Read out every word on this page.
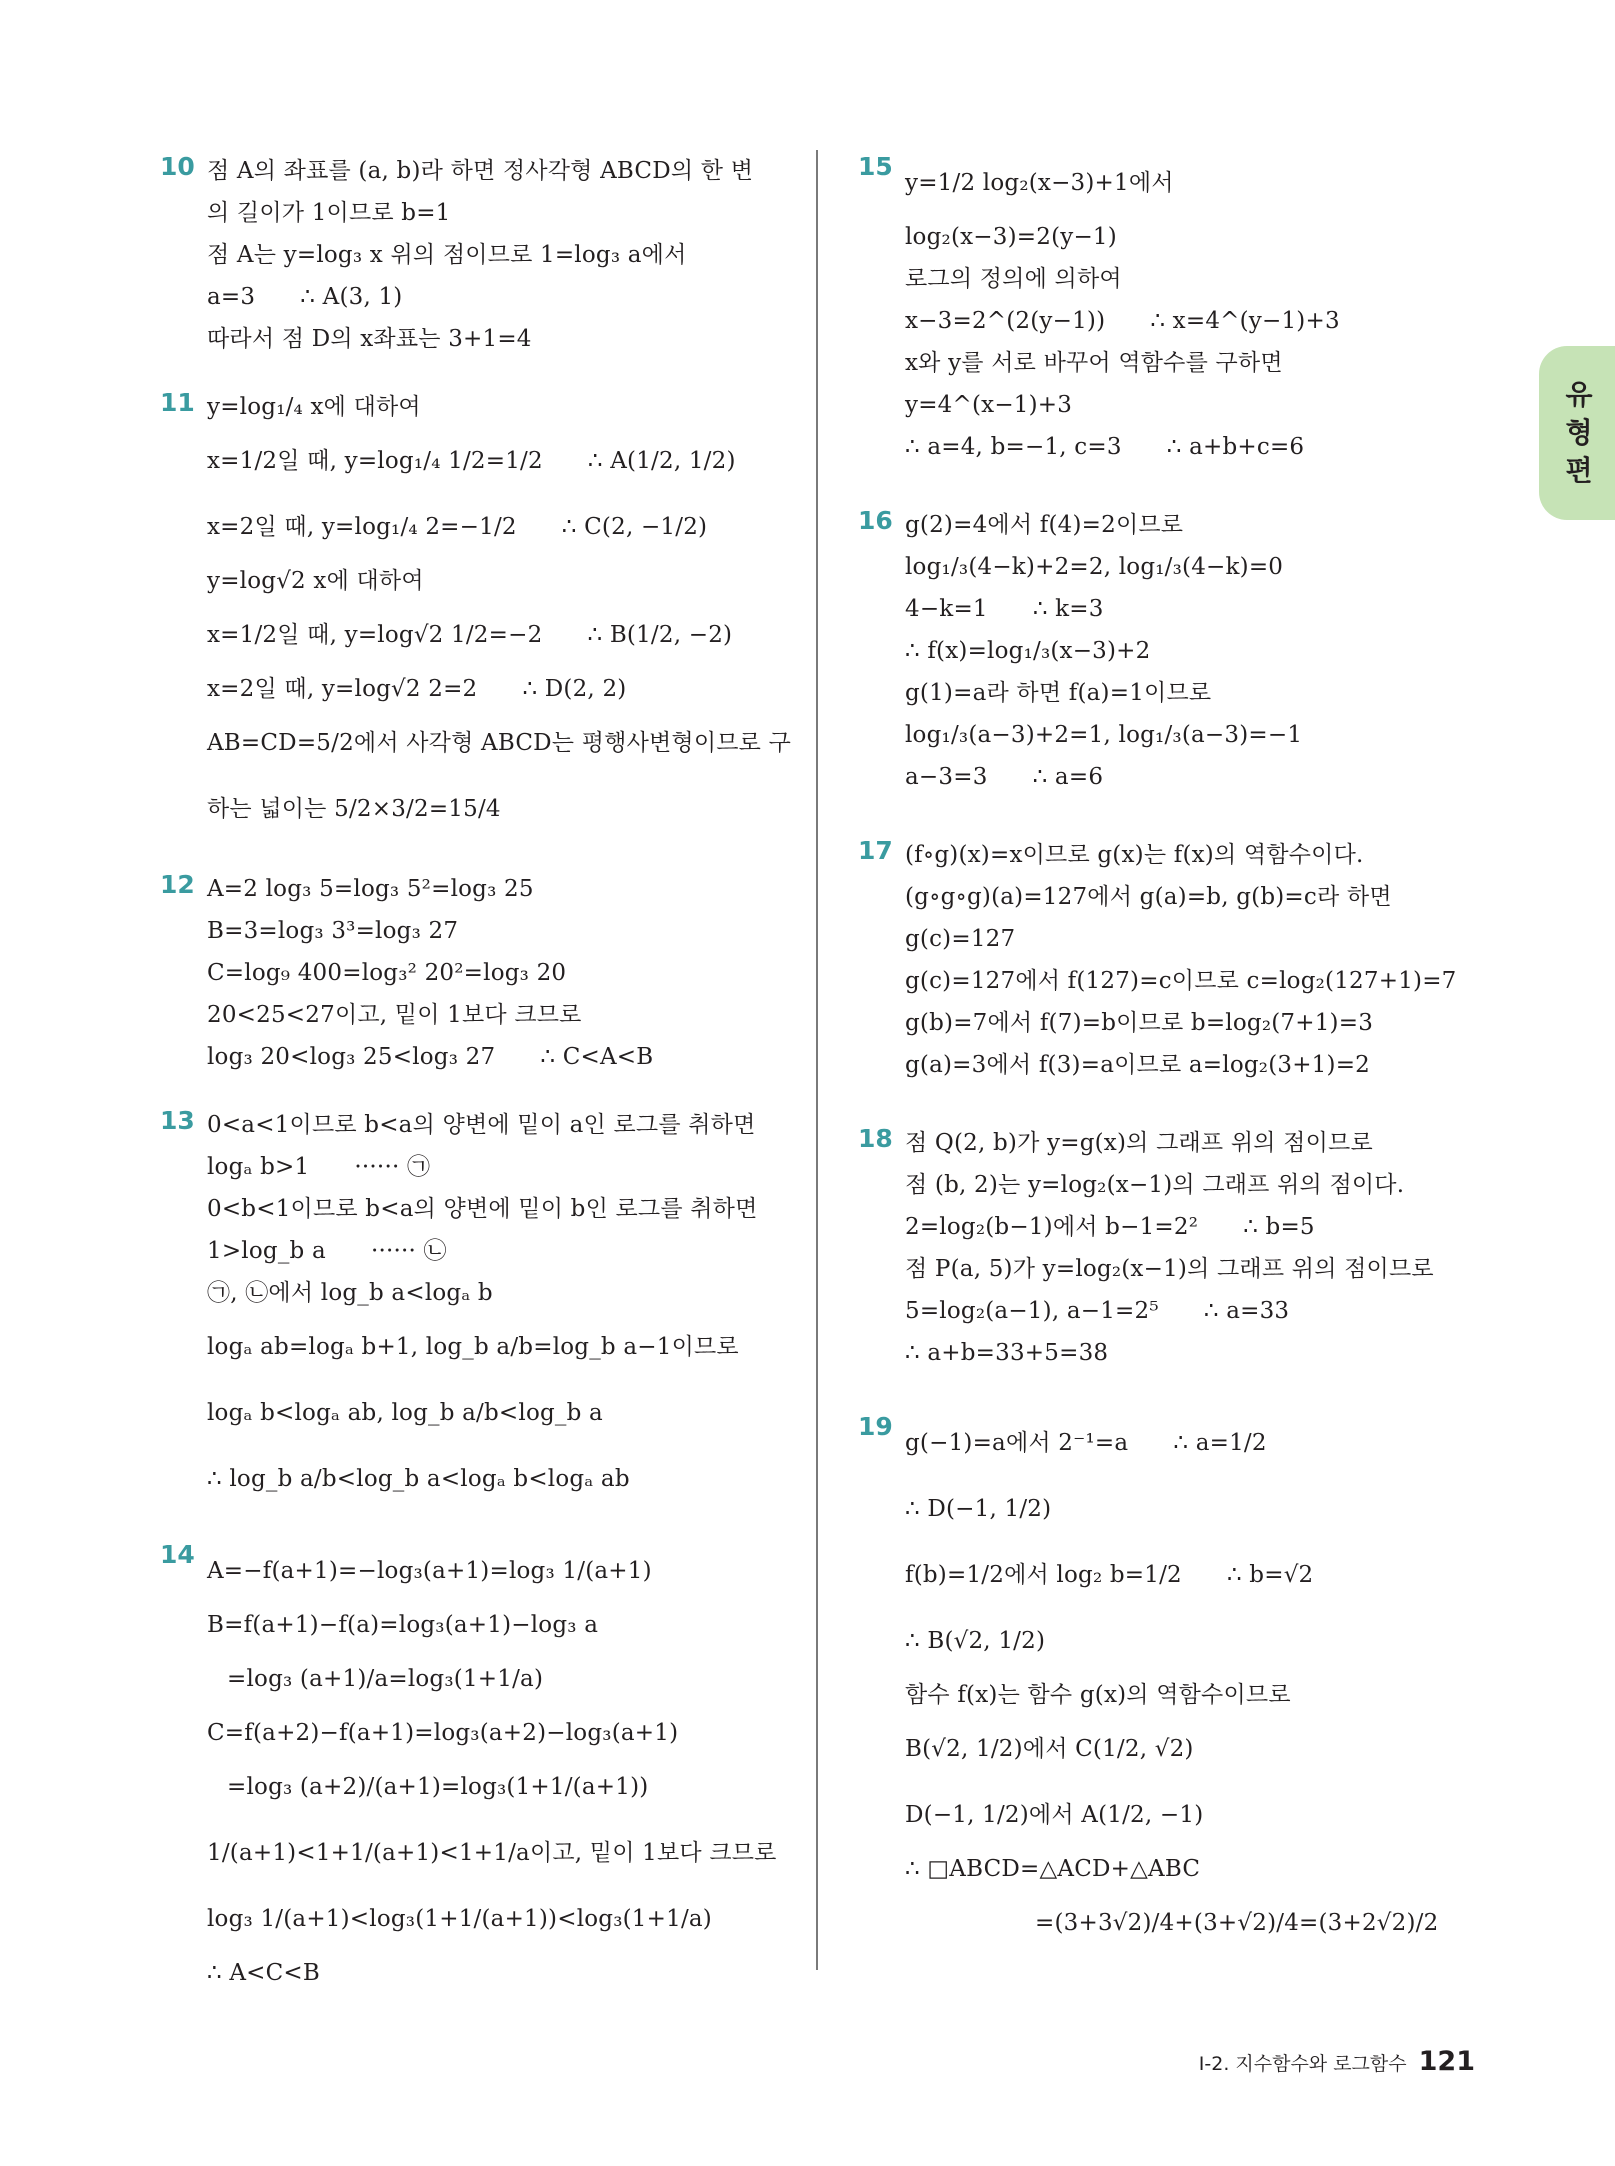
유
형
편
10 점 A의 좌표를 (a, b)라 하면 정사각형 ABCD의 한 변
의 길이가 1이므로 b=1
점 A는 y=log₃ x 위의 점이므로 1=log₃ a에서
a=3      ∴ A(3, 1)
따라서 점 D의 x좌표는 3+1=4
11 y=log₁/₄ x에 대하여
x=1/2일 때, y=log₁/₄ 1/2=1/2      ∴ A(1/2, 1/2)
x=2일 때, y=log₁/₄ 2=−1/2      ∴ C(2, −1/2)
y=log√2 x에 대하여
x=1/2일 때, y=log√2 1/2=−2      ∴ B(1/2, −2)
x=2일 때, y=log√2 2=2      ∴ D(2, 2)
AB=CD=5/2에서 사각형 ABCD는 평행사변형이므로 구
하는 넓이는 5/2×3/2=15/4
12 A=2 log₃ 5=log₃ 5²=log₃ 25
B=3=log₃ 3³=log₃ 27
C=log₉ 400=log₃² 20²=log₃ 20
20<25<27이고, 밑이 1보다 크므로
log₃ 20<log₃ 25<log₃ 27      ∴ C<A<B
13 0<a<1이므로 b<a의 양변에 밑이 a인 로그를 취하면
logₐ b>1      ······ ㉠
0<b<1이므로 b<a의 양변에 밑이 b인 로그를 취하면
1>log_b a      ······ ㉡
㉠, ㉡에서 log_b a<logₐ b
logₐ ab=logₐ b+1, log_b a/b=log_b a−1이므로
logₐ b<logₐ ab, log_b a/b<log_b a
∴ log_b a/b<log_b a<logₐ b<logₐ ab
14
A=−f(a+1)=−log₃(a+1)=log₃ 1/(a+1)
B=f(a+1)−f(a)=log₃(a+1)−log₃ a
=log₃ (a+1)/a=log₃(1+1/a)
C=f(a+2)−f(a+1)=log₃(a+2)−log₃(a+1)
=log₃ (a+2)/(a+1)=log₃(1+1/(a+1))
1/(a+1)<1+1/(a+1)<1+1/a이고, 밑이 1보다 크므로
log₃ 1/(a+1)<log₃(1+1/(a+1))<log₃(1+1/a)
∴ A<C<B
15
y=1/2 log₂(x−3)+1에서
log₂(x−3)=2(y−1)
로그의 정의에 의하여
x−3=2^(2(y−1))      ∴ x=4^(y−1)+3
x와 y를 서로 바꾸어 역함수를 구하면
y=4^(x−1)+3
∴ a=4, b=−1, c=3      ∴ a+b+c=6
16 g(2)=4에서 f(4)=2이므로
log₁/₃(4−k)+2=2, log₁/₃(4−k)=0
4−k=1      ∴ k=3
∴ f(x)=log₁/₃(x−3)+2
g(1)=a라 하면 f(a)=1이므로
log₁/₃(a−3)+2=1, log₁/₃(a−3)=−1
a−3=3      ∴ a=6
17 (f∘g)(x)=x이므로 g(x)는 f(x)의 역함수이다.
(g∘g∘g)(a)=127에서 g(a)=b, g(b)=c라 하면
g(c)=127
g(c)=127에서 f(127)=c이므로 c=log₂(127+1)=7
g(b)=7에서 f(7)=b이므로 b=log₂(7+1)=3
g(a)=3에서 f(3)=a이므로 a=log₂(3+1)=2
18 점 Q(2, b)가 y=g(x)의 그래프 위의 점이므로
점 (b, 2)는 y=log₂(x−1)의 그래프 위의 점이다.
2=log₂(b−1)에서 b−1=2²      ∴ b=5
점 P(a, 5)가 y=log₂(x−1)의 그래프 위의 점이므로
5=log₂(a−1), a−1=2⁵      ∴ a=33
∴ a+b=33+5=38
19
g(−1)=a에서 2⁻¹=a      ∴ a=1/2
∴ D(−1, 1/2)
f(b)=1/2에서 log₂ b=1/2      ∴ b=√2
∴ B(√2, 1/2)
함수 f(x)는 함수 g(x)의 역함수이므로
B(√2, 1/2)에서 C(1/2, √2)
D(−1, 1/2)에서 A(1/2, −1)
∴ □ABCD=△ACD+△ABC
=(3+3√2)/4+(3+√2)/4=(3+2√2)/2
Ⅰ-2. 지수함수와 로그함수 121
